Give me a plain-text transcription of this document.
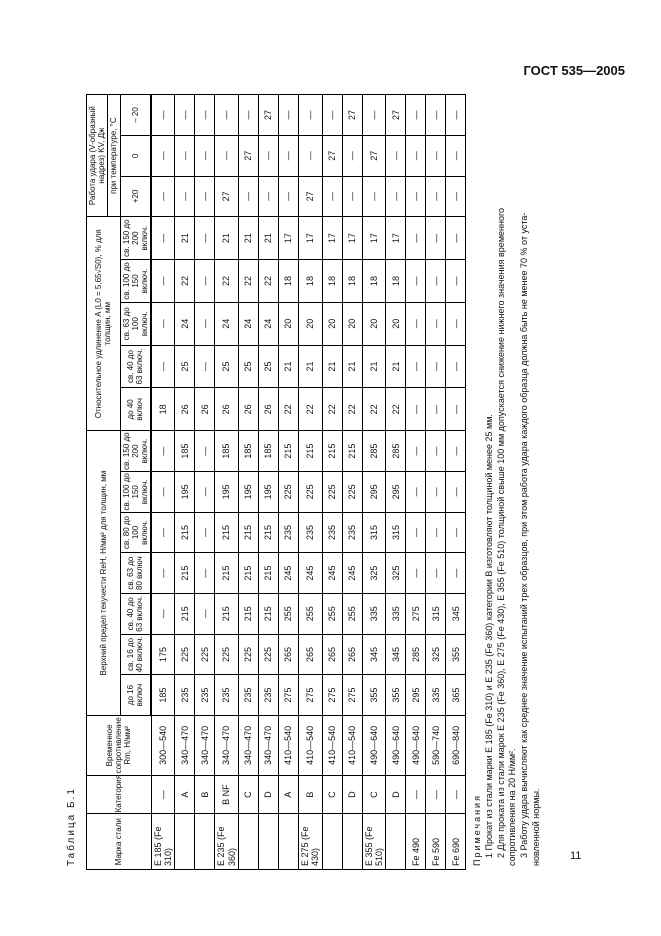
ГОСТ 535—2005
Таблица Б.1	Марка стали	Категория	Временное сопротивление Rm, Н/мм²	Верхний предел текучести ReH, Н/мм² для толщин, мм							Относительное удлинение A (L0 = 5,65√S0), % для толщин, мм					Работа удара (V-образный надрез) KV, Дж		
															при температуре, °C		
			до 16 включ	св. 16 до 40 включ.	св. 40 до 63 включ.	св. 63 до 80 включ	св. 80 до 100 включ.	св. 100 до 150 включ.	св. 150 до 200 включ.	до 40 включ	св. 40 до 63 включ.	св. 63 до 100 включ.	св. 100 до 150 включ.	св. 150 до 200 включ.	+20	0	– 20
E 185 (Fe 310)	—	300—540	185	175	—	—	—	—	—	18	—	—	—	—	—	—	—
	A	340—470	235	225	215	215	215	195	185	26	25	24	22	21	—	—	—
	B	340—470	235	225	—	—	—	—	—	26	—	—	—	—	—	—	—
E 235 (Fe 360)	B NF	340—470	235	225	215	215	215	195	185	26	25	24	22	21	27	—	—
	C	340—470	235	225	215	215	215	195	185	26	25	24	22	21	—	27	—
	D	340—470	235	225	215	215	215	195	185	26	25	24	22	21	—	—	27
	A	410—540	275	265	255	245	235	225	215	22	21	20	18	17	—	—	—
E 275 (Fe 430)	B	410—540	275	265	255	245	235	225	215	22	21	20	18	17	27	—	—
	C	410—540	275	265	255	245	235	225	215	22	21	20	18	17	—	27	—
	D	410—540	275	265	255	245	235	225	215	22	21	20	18	17	—	—	27
E 355 (Fe 510)	C	490—640	355	345	335	325	315	295	285	22	21	20	18	17	—	27	—
	D	490—640	355	345	335	325	315	295	285	22	21	20	18	17	—	—	27
Fe 490	—	490—640	295	285	275	—	—	—	—	—	—	—	—	—	—	—	—
Fe 590	—	590—740	335	325	315	—	—	—	—	—	—	—	—	—	—	—	—
Fe 690	—	690—840	365	355	345	—	—	—	—	—	—	—	—	—	—	—	—
Примечания 1 Прокат из стали марки Е 185 (Fe 310) и Е 235 (Fe 360) категории В изготовляют толщиной менее 25 мм. 2 Для проката из стали марок Е 235 (Fe 360), Е 275 (Fe 430), Е 355 (Fe 510) толщиной свыше 100 мм допускается снижение нижнего значения временного сопротивления на 20 Н/мм². 3 Работу удара вычисляют как среднее значение испытаний трех образцов, при этом работа удара каждого образца должна быть не менее 70 % от уста- новленной нормы.	11
